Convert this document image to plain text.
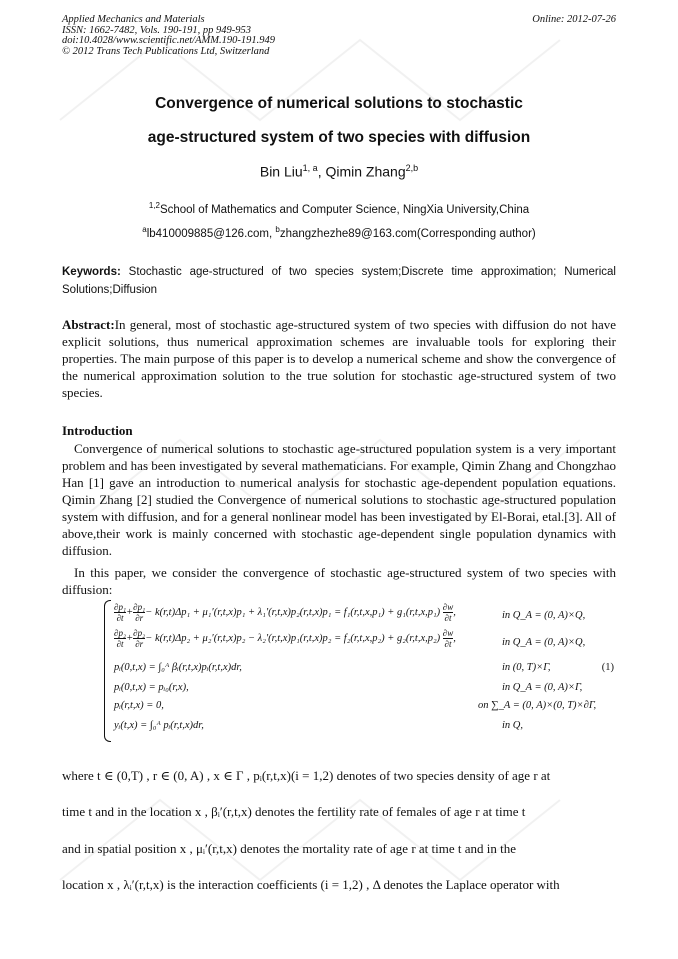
Applied Mechanics and Materials
ISSN: 1662-7482, Vols. 190-191, pp 949-953
doi:10.4028/www.scientific.net/AMM.190-191.949
© 2012 Trans Tech Publications Ltd, Switzerland
Online: 2012-07-26
Convergence of numerical solutions to stochastic
age-structured system of two species with diffusion
Bin Liu$^{1, a}$, Qimin Zhang$^{2,b}$
$^{1,2}$School of Mathematics and Computer Science, NingXia University,China
$^a$lb410009885@126.com, $^b$zhangzhezhe89@163.com(Corresponding author)
Keywords: Stochastic age-structured of two species system;Discrete time approximation; Numerical Solutions;Diffusion
Abstract:In general, most of stochastic age-structured system of two species with diffusion do not have explicit solutions, thus numerical approximation schemes are invaluable tools for exploring their properties. The main purpose of this paper is to develop a numerical scheme and show the convergence of the numerical approximation solution to the true solution for stochastic age-structured system of two species.
Introduction
Convergence of numerical solutions to stochastic age-structured population system is a very important problem and has been investigated by several mathematicians. For example, Qimin Zhang and Chongzhao Han [1] gave an introduction to numerical analysis for stochastic age-dependent population equations. Qimin Zhang [2] studied the Convergence of numerical solutions to stochastic age-structured population system with diffusion, and for a general nonlinear model has been investigated by El-Borai, etal.[3]. All of above,their work is mainly concerned with stochastic age-dependent single population dynamics with diffusion.
In this paper, we consider the convergence of stochastic age-structured system of two species with diffusion:
$\frac{\text{∂p₁}}{\partial t} + \frac{\text{∂p₁}}{\partial r} - k(r,t)\Delta p_1 + \mu_1'(r,t,x)p_1 + \lambda_1'(r,t,x)p_2(r,t,x)p_1 = f_1(r,t,x,p_1) + g_1(r,t,x,p_1) \frac{\partial w}{\partial t}$ ,	in Q_A = (0, A)×Q,
$\frac{\text{∂p₂}}{\partial t} + \frac{\text{∂p₂}}{\partial r} - k(r,t)\Delta p_2 + \mu_2'(r,t,x)p_2 - \lambda_2'(r,t,x)p_1(r,t,x)p_2 = f_2(r,t,x,p_2) + g_2(r,t,x,p_2) \frac{\partial w}{\partial t}$ ,	in Q_A = (0, A)×Q,
pᵢ(0,t,x) = ∫₀ᴬ βᵢ(r,t,x)pᵢ(r,t,x)dr,	in (0, T)×Γ,	(1)
pᵢ(0,t,x) = pᵢ₀(r,x),	in Q_A = (0, A)×Γ,
pᵢ(r,t,x) = 0,	on ∑_A = (0, A)×(0, T)×∂Γ,
yᵢ(t,x) = ∫₀ᴬ pᵢ(r,t,x)dr,	in Q,
where t ∈ (0,T) , r ∈ (0, A) , x ∈ Γ , pᵢ(r,t,x)(i = 1,2) denotes of two species density of age r at
time t and in the location x , βᵢ′(r,t,x) denotes the fertility rate of females of age r at time t
and in spatial position x , μᵢ′(r,t,x) denotes the mortality rate of age r at time t and in the
location x , λᵢ′(r,t,x) is the interaction coefficients (i = 1,2) , Δ denotes the Laplace operator with
